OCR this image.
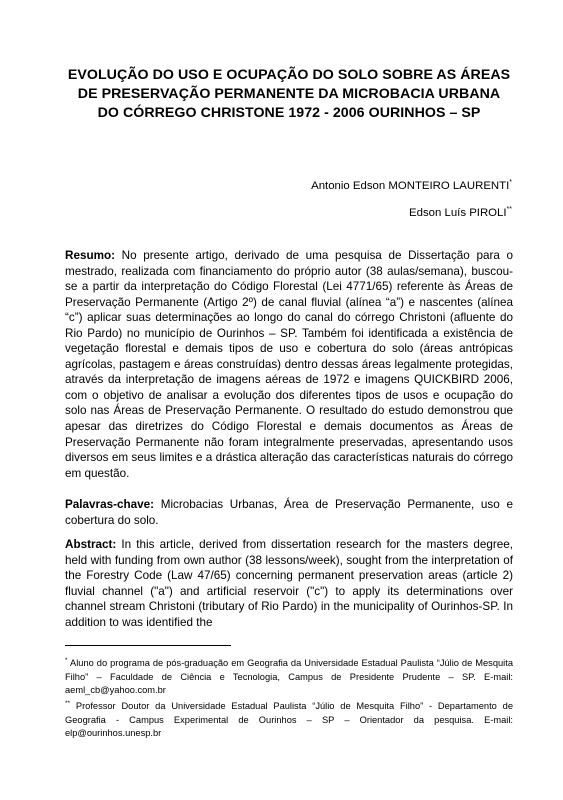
EVOLUÇÃO DO USO E OCUPAÇÃO DO SOLO SOBRE AS ÁREAS DE PRESERVAÇÃO PERMANENTE DA MICROBACIA URBANA DO CÓRREGO CHRISTONE 1972 - 2006 OURINHOS – SP
Antonio Edson MONTEIRO LAURENTI*
Edson Luís PIROLI**
Resumo: No presente artigo, derivado de uma pesquisa de Dissertação para o mestrado, realizada com financiamento do próprio autor (38 aulas/semana), buscou-se a partir da interpretação do Código Florestal (Lei 4771/65) referente às Áreas de Preservação Permanente (Artigo 2º) de canal fluvial (alínea “a”) e nascentes (alínea “c”) aplicar suas determinações ao longo do canal do córrego Christoni (afluente do Rio Pardo) no município de Ourinhos – SP. Também foi identificada a existência de vegetação florestal e demais tipos de uso e cobertura do solo (áreas antrópicas agrícolas, pastagem e áreas construídas) dentro dessas áreas legalmente protegidas, através da interpretação de imagens aéreas de 1972 e imagens QUICKBIRD 2006, com o objetivo de analisar a evolução dos diferentes tipos de usos e ocupação do solo nas Áreas de Preservação Permanente. O resultado do estudo demonstrou que apesar das diretrizes do Código Florestal e demais documentos as Áreas de Preservação Permanente não foram integralmente preservadas, apresentando usos diversos em seus limites e a drástica alteração das características naturais do córrego em questão.
Palavras-chave: Microbacias Urbanas, Área de Preservação Permanente, uso e cobertura do solo.
Abstract: In this article, derived from dissertation research for the masters degree, held with funding from own author (38 lessons/week), sought from the interpretation of the Forestry Code (Law 47/65) concerning permanent preservation areas (article 2) fluvial channel ("a") and artificial reservoir ("c") to apply its determinations over channel stream Christoni (tributary of Rio Pardo) in the municipality of Ourinhos-SP. In addition to was identified the
* Aluno do programa de pós-graduação em Geografia da Universidade Estadual Paulista “Júlio de Mesquita Filho” – Faculdade de Ciência e Tecnologia, Campus de Presidente Prudente – SP. E-mail: aeml_cb@yahoo.com.br
** Professor Doutor da Universidade Estadual Paulista “Júlio de Mesquita Filho” - Departamento de Geografia - Campus Experimental de Ourinhos – SP – Orientador da pesquisa. E-mail: elp@ourinhos.unesp.br
